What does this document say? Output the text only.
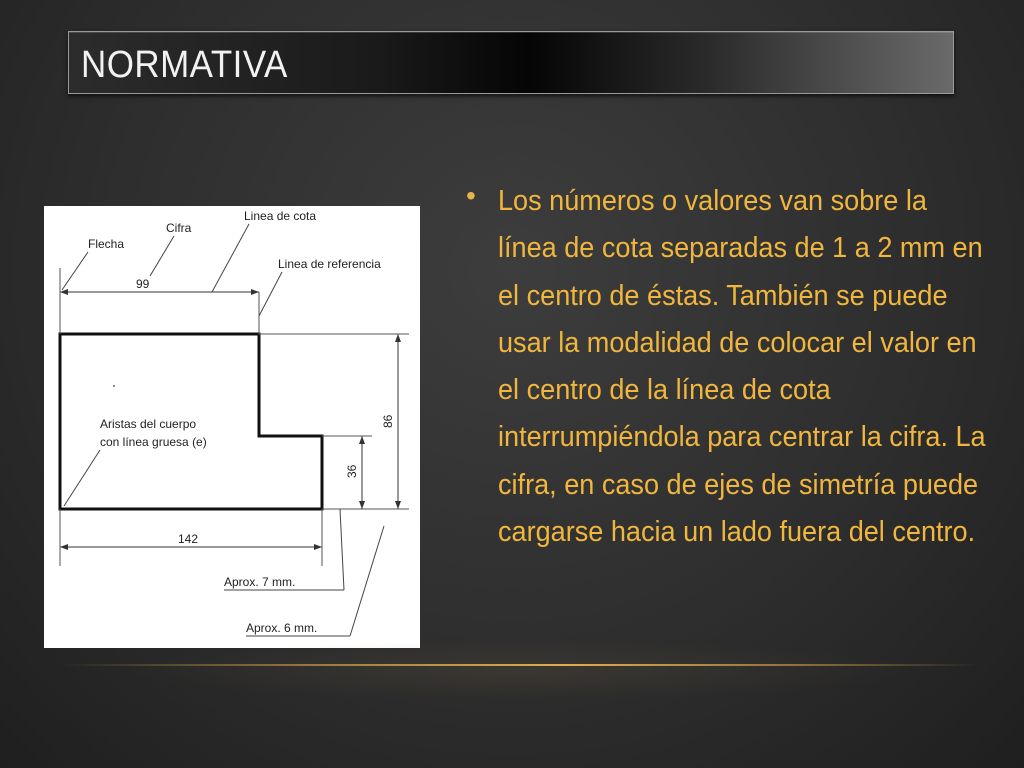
NORMATIVA
99
142
86
36
Flecha
Cifra
Linea de cota
Linea de referencia
Aristas del cuerpo
con línea gruesa (e)
Aprox. 7 mm.
Aprox. 6 mm.
• Los números o valores van sobre la línea de cota separadas de 1 a 2 mm en el centro de éstas. También se puede usar la modalidad de colocar el valor en el centro de la línea de cota interrumpiéndola para centrar la cifra. La cifra, en caso de ejes de simetría puede cargarse hacia un lado fuera del centro.
